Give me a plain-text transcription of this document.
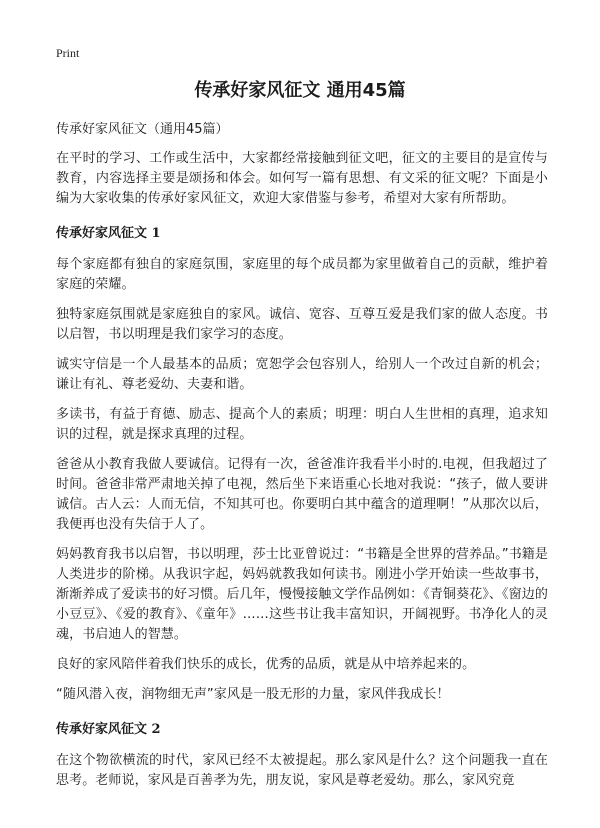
Print
传承好家风征文 通用45篇

传承好家风征文（通用45篇）

在平时的学习、工作或生活中，大家都经常接触到征文吧，征文的主要目的是宣传与教育，内容选择主要是颂扬和体会。如何写一篇有思想、有文采的征文呢？下面是小编为大家收集的传承好家风征文，欢迎大家借鉴与参考，希望对大家有所帮助。

传承好家风征文 1

每个家庭都有独自的家庭氛围，家庭里的每个成员都为家里做着自己的贡献，维护着家庭的荣耀。

独特家庭氛围就是家庭独自的家风。诚信、宽容、互尊互爱是我们家的做人态度。书以启智，书以明理是我们家学习的态度。

诚实守信是一个人最基本的品质；宽恕学会包容别人，给别人一个改过自新的机会；谦让有礼、尊老爱幼、夫妻和谐。

多读书，有益于育德、励志、提高个人的素质；明理：明白人生世相的真理，追求知识的过程，就是探求真理的过程。

爸爸从小教育我做人要诚信。记得有一次，爸爸准许我看半小时的.电视，但我超过了时间。爸爸非常严肃地关掉了电视，然后坐下来语重心长地对我说：“孩子，做人要讲诚信。古人云：人而无信，不知其可也。你要明白其中蕴含的道理啊！”从那次以后，我便再也没有失信于人了。

妈妈教育我书以启智，书以明理，莎士比亚曾说过：“书籍是全世界的营养品。”书籍是人类进步的阶梯。从我识字起，妈妈就教我如何读书。刚进小学开始读一些故事书，渐渐养成了爱读书的好习惯。后几年，慢慢接触文学作品例如：《青铜葵花》、《窗边的小豆豆》、《爱的教育》、《童年》……这些书让我丰富知识，开阔视野。书净化人的灵魂，书启迪人的智慧。

良好的家风陪伴着我们快乐的成长，优秀的品质，就是从中培养起来的。

“随风潜入夜，润物细无声”家风是一股无形的力量，家风伴我成长！

传承好家风征文 2

在这个物欲横流的时代，家风已经不太被提起。那么家风是什么？这个问题我一直在思考。老师说，家风是百善孝为先，朋友说，家风是尊老爱幼。那么，家风究竟
